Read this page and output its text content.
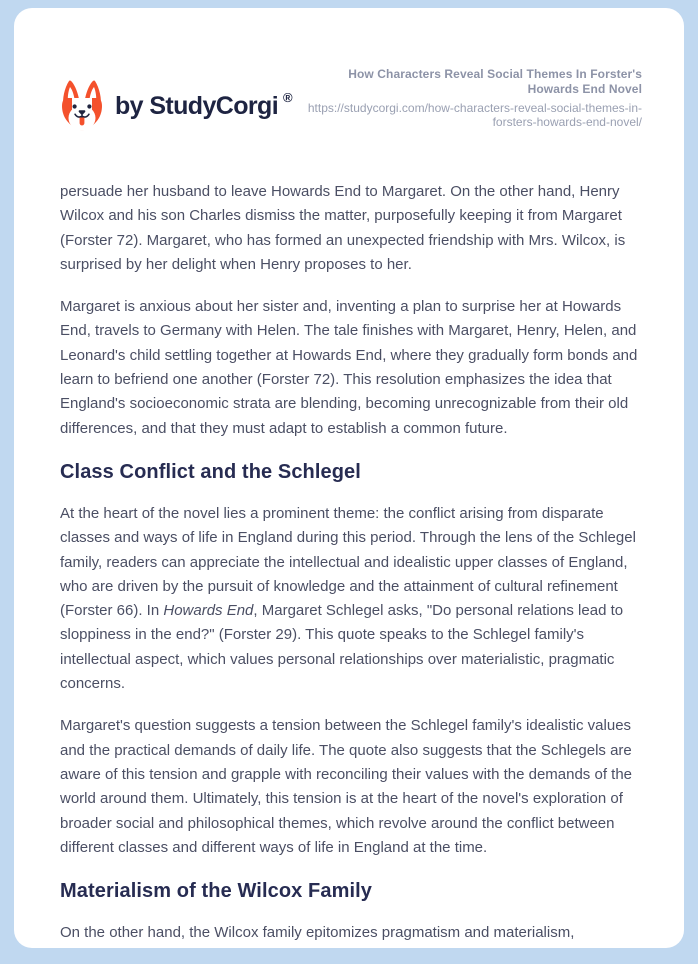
by StudyCorgi ®
How Characters Reveal Social Themes In Forster's Howards End Novel
https://studycorgi.com/how-characters-reveal-social-themes-in-forsters-howards-end-novel/

persuade her husband to leave Howards End to Margaret. On the other hand, Henry Wilcox and his son Charles dismiss the matter, purposefully keeping it from Margaret (Forster 72). Margaret, who has formed an unexpected friendship with Mrs. Wilcox, is surprised by her delight when Henry proposes to her.

Margaret is anxious about her sister and, inventing a plan to surprise her at Howards End, travels to Germany with Helen. The tale finishes with Margaret, Henry, Helen, and Leonard's child settling together at Howards End, where they gradually form bonds and learn to befriend one another (Forster 72). This resolution emphasizes the idea that England's socioeconomic strata are blending, becoming unrecognizable from their old differences, and that they must adapt to establish a common future.

Class Conflict and the Schlegel

At the heart of the novel lies a prominent theme: the conflict arising from disparate classes and ways of life in England during this period. Through the lens of the Schlegel family, readers can appreciate the intellectual and idealistic upper classes of England, who are driven by the pursuit of knowledge and the attainment of cultural refinement (Forster 66). In Howards End, Margaret Schlegel asks, "Do personal relations lead to sloppiness in the end?" (Forster 29). This quote speaks to the Schlegel family's intellectual aspect, which values personal relationships over materialistic, pragmatic concerns.

Margaret's question suggests a tension between the Schlegel family's idealistic values and the practical demands of daily life. The quote also suggests that the Schlegels are aware of this tension and grapple with reconciling their values with the demands of the world around them. Ultimately, this tension is at the heart of the novel's exploration of broader social and philosophical themes, which revolve around the conflict between different classes and different ways of life in England at the time.

Materialism of the Wilcox Family

On the other hand, the Wilcox family epitomizes pragmatism and materialism,
